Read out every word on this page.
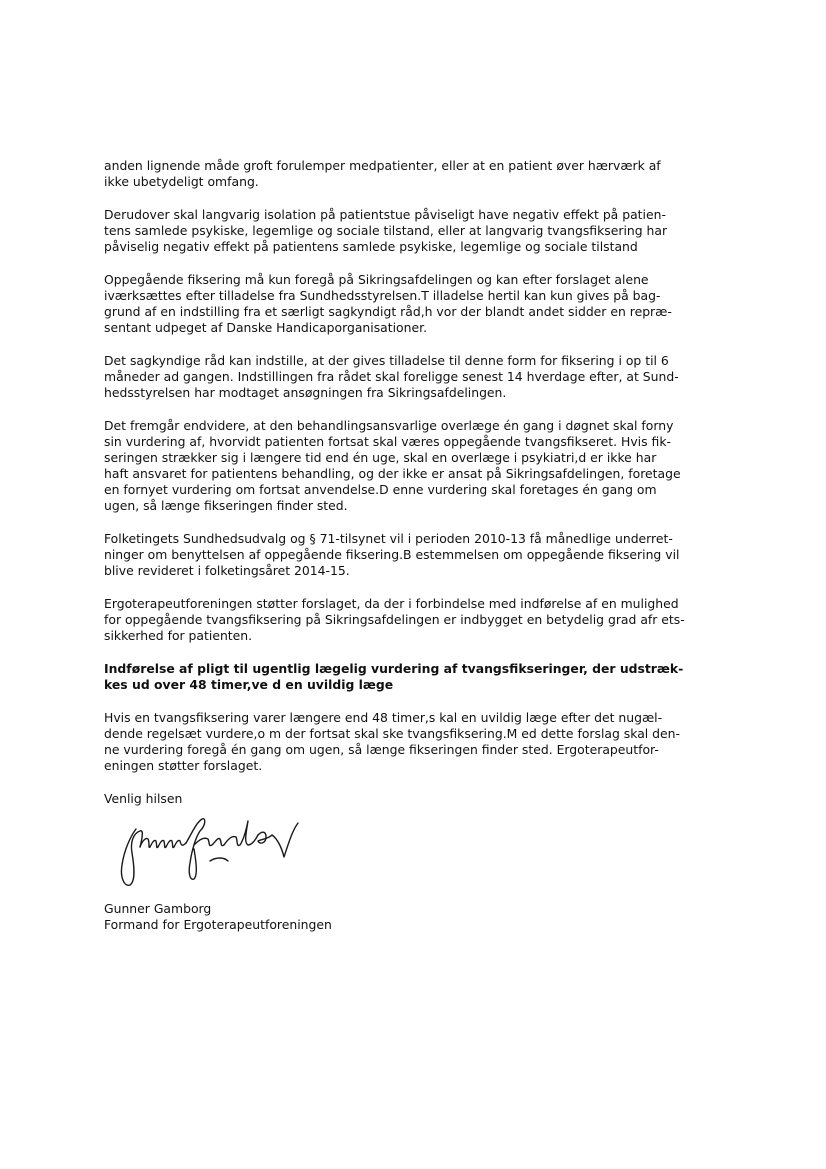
anden lignende måde groft forulemper medpatienter, eller at en patient øver hærværk af
ikke ubetydeligt omfang.

Derudover skal langvarig isolation på patientstue påviseligt have negativ effekt på patien-
tens samlede psykiske, legemlige og sociale tilstand, eller at langvarig tvangsfiksering har
påviselig negativ effekt på patientens samlede psykiske, legemlige og sociale tilstand

Oppegående fiksering må kun foregå på Sikringsafdelingen og kan efter forslaget alene
iværksættes efter tilladelse fra Sundhedsstyrelsen.T illadelse hertil kan kun gives på bag-
grund af en indstilling fra et særligt sagkyndigt råd,h vor der blandt andet sidder en repræ-
sentant udpeget af Danske Handicaporganisationer.

Det sagkyndige råd kan indstille, at der gives tilladelse til denne form for fiksering i op til 6
måneder ad gangen. Indstillingen fra rådet skal foreligge senest 14 hverdage efter, at Sund-
hedsstyrelsen har modtaget ansøgningen fra Sikringsafdelingen.

Det fremgår endvidere, at den behandlingsansvarlige overlæge én gang i døgnet skal forny
sin vurdering af, hvorvidt patienten fortsat skal væres oppegående tvangsfikseret. Hvis fik-
seringen strækker sig i længere tid end én uge, skal en overlæge i psykiatri,d er ikke har
haft ansvaret for patientens behandling, og der ikke er ansat på Sikringsafdelingen, foretage
en fornyet vurdering om fortsat anvendelse.D enne vurdering skal foretages én gang om
ugen, så længe fikseringen finder sted.

Folketingets Sundhedsudvalg og § 71-tilsynet vil i perioden 2010-13 få månedlige underret-
ninger om benyttelsen af oppegående fiksering.B estemmelsen om oppegående fiksering vil
blive revideret i folketingsåret 2014-15.

Ergoterapeutforeningen støtter forslaget, da der i forbindelse med indførelse af en mulighed
for oppegående tvangsfiksering på Sikringsafdelingen er indbygget en betydelig grad afr ets-
sikkerhed for patienten.

Indførelse af pligt til ugentlig lægelig vurdering af tvangsfikseringer, der udstræk-
kes ud over 48 timer,ve d en uvildig læge

Hvis en tvangsfiksering varer længere end 48 timer,s kal en uvildig læge efter det nugæl-
dende regelsæt vurdere,o m der fortsat skal ske tvangsfiksering.M ed dette forslag skal den-
ne vurdering foregå én gang om ugen, så længe fikseringen finder sted. Ergoterapeutfor-
eningen støtter forslaget.

Venlig hilsen

Gunner Gamborg

Formand for Ergoterapeutforeningen
